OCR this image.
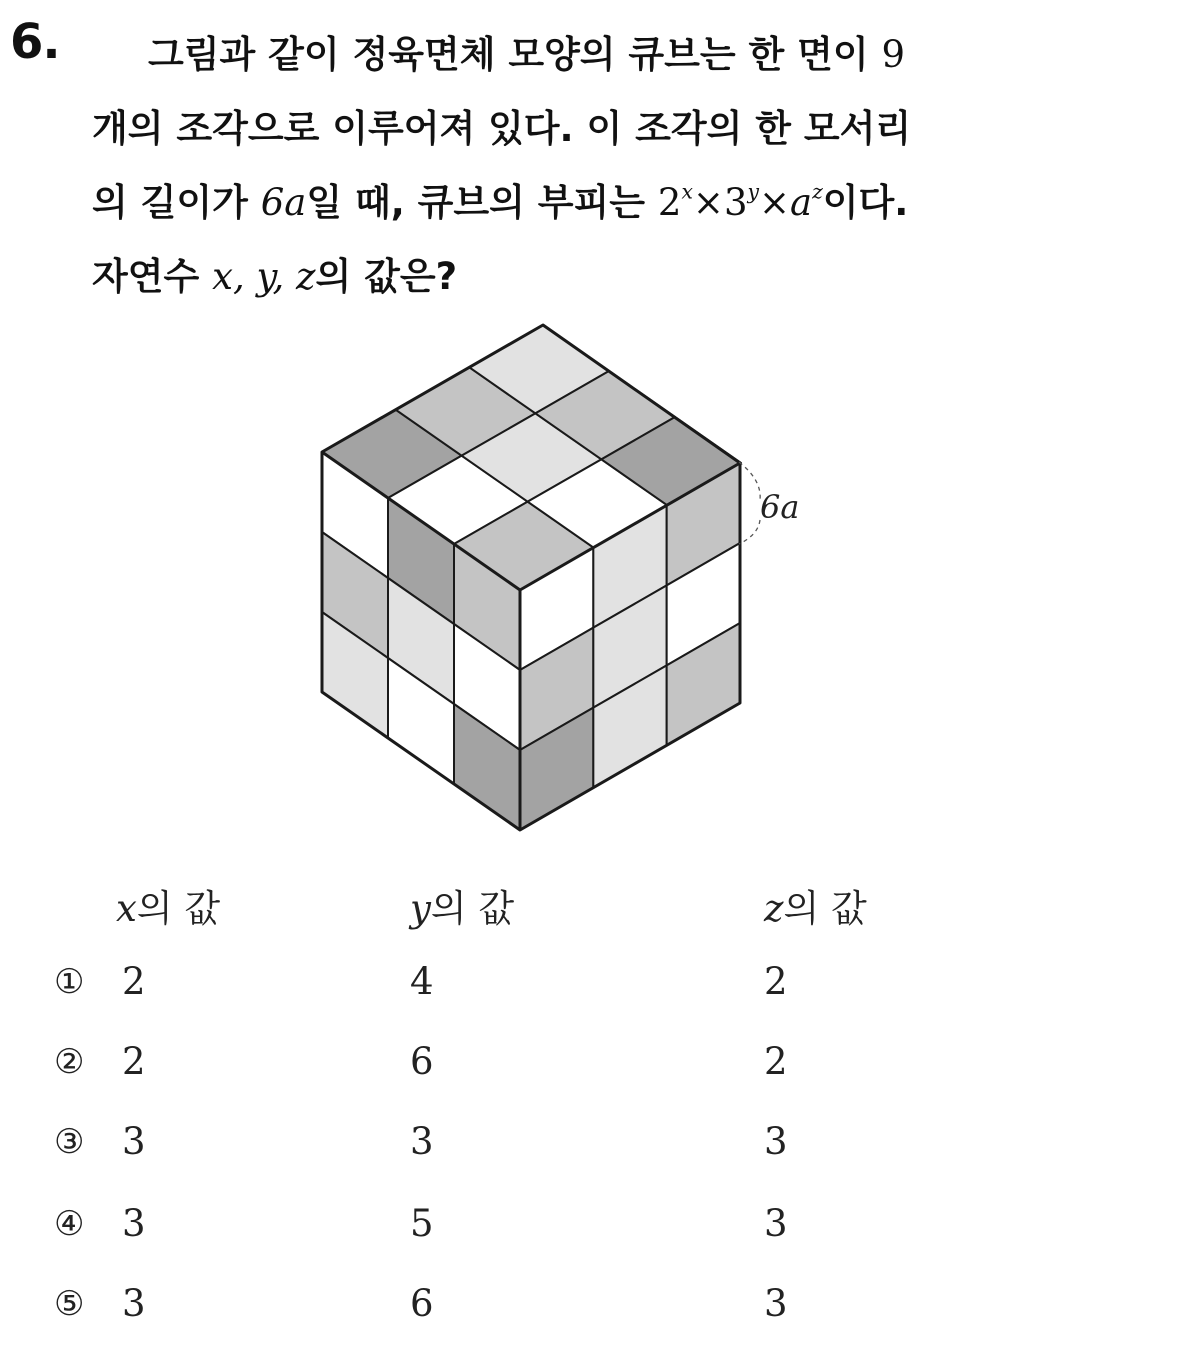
6.	그림과 같이 정육면체 모양의 큐브는 한 면이 9
개의 조각으로 이루어져 있다. 이 조각의 한 모서리
의 길이가 6a일 때, 큐브의 부피는 $2^x\times 3^y\times a^z$이다.
자연수 x, y, z의 값은?
6a
x의 값	y의 값	z의 값
① 2	4	2
② 2	6	2
③ 3	3	3
④ 3	5	3
⑤ 3	6	3
